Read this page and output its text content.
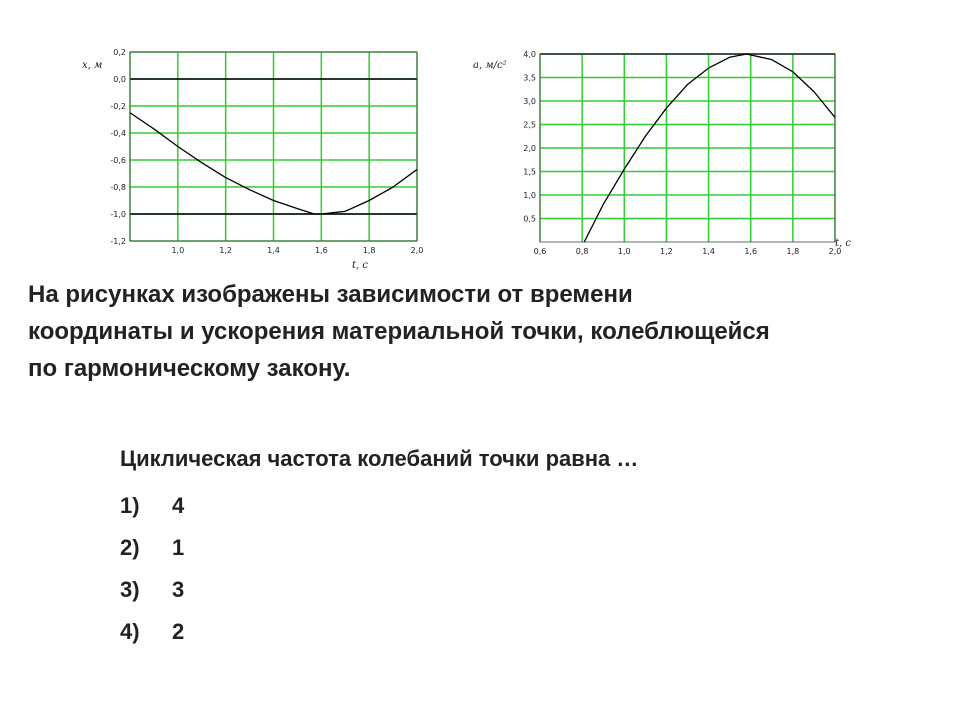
1,0	1,2	1,4	1,6	1,8	2,0
0,2
0,0
-0,2
-0,4
-0,6
-0,8
-1,0
-1,2
x, м
t, c
0,6	0,8	1,0	1,2	1,4	1,6	1,8	2,0
0,5
1,0
1,5
2,0
2,5
3,0
3,5
4,0
a, м/с²
t, c
На рисунках изображены зависимости от времени
координаты и ускорения материальной точки, колеблющейся
по гармоническому закону.

Циклическая частота колебаний точки равна …

1) 4
2) 1
3) 3
4) 2
